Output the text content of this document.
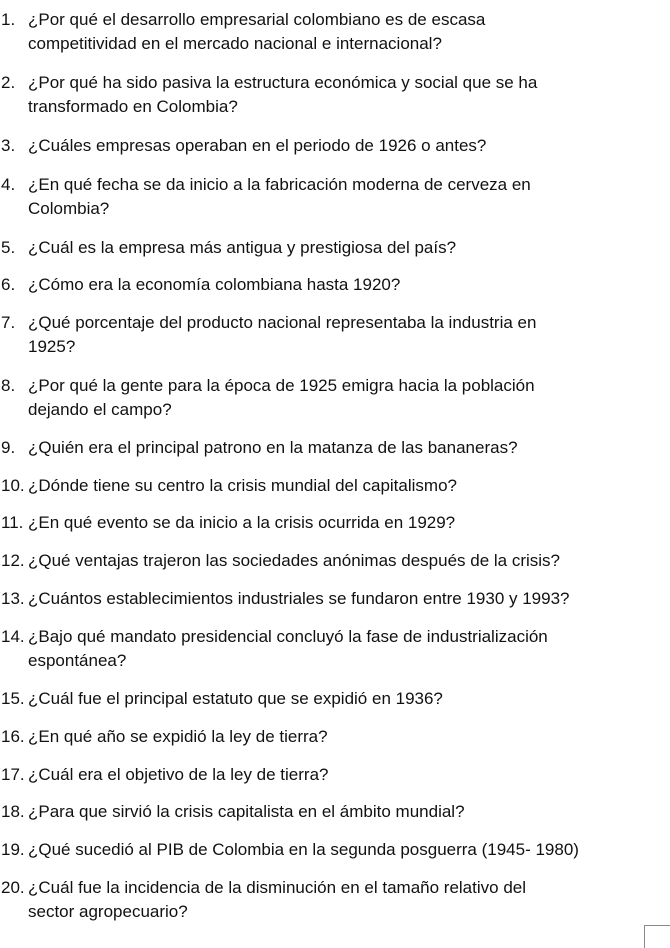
1. ¿Por qué el desarrollo empresarial colombiano es de escasa
competitividad en el mercado nacional e internacional?
2. ¿Por qué ha sido pasiva la estructura económica y social que se ha
transformado en Colombia?
3. ¿Cuáles empresas operaban en el periodo de 1926 o antes?
4. ¿En qué fecha se da inicio a la fabricación moderna de cerveza en
Colombia?
5. ¿Cuál es la empresa más antigua y prestigiosa del país?
6. ¿Cómo era la economía colombiana hasta 1920?
7. ¿Qué porcentaje del producto nacional representaba la industria en
1925?
8. ¿Por qué la gente para la época de 1925 emigra hacia la población
dejando el campo?
9. ¿Quién era el principal patrono en la matanza de las bananeras?
10. ¿Dónde tiene su centro la crisis mundial del capitalismo?
11. ¿En qué evento se da inicio a la crisis ocurrida en 1929?
12. ¿Qué ventajas trajeron las sociedades anónimas después de la crisis?
13. ¿Cuántos establecimientos industriales se fundaron entre 1930 y 1993?
14. ¿Bajo qué mandato presidencial concluyó la fase de industrialización
espontánea?
15. ¿Cuál fue el principal estatuto que se expidió en 1936?
16. ¿En qué año se expidió la ley de tierra?
17. ¿Cuál era el objetivo de la ley de tierra?
18. ¿Para que sirvió la crisis capitalista en el ámbito mundial?
19. ¿Qué sucedió al PIB de Colombia en la segunda posguerra (1945- 1980)
20. ¿Cuál fue la incidencia de la disminución en el tamaño relativo del
sector agropecuario?
